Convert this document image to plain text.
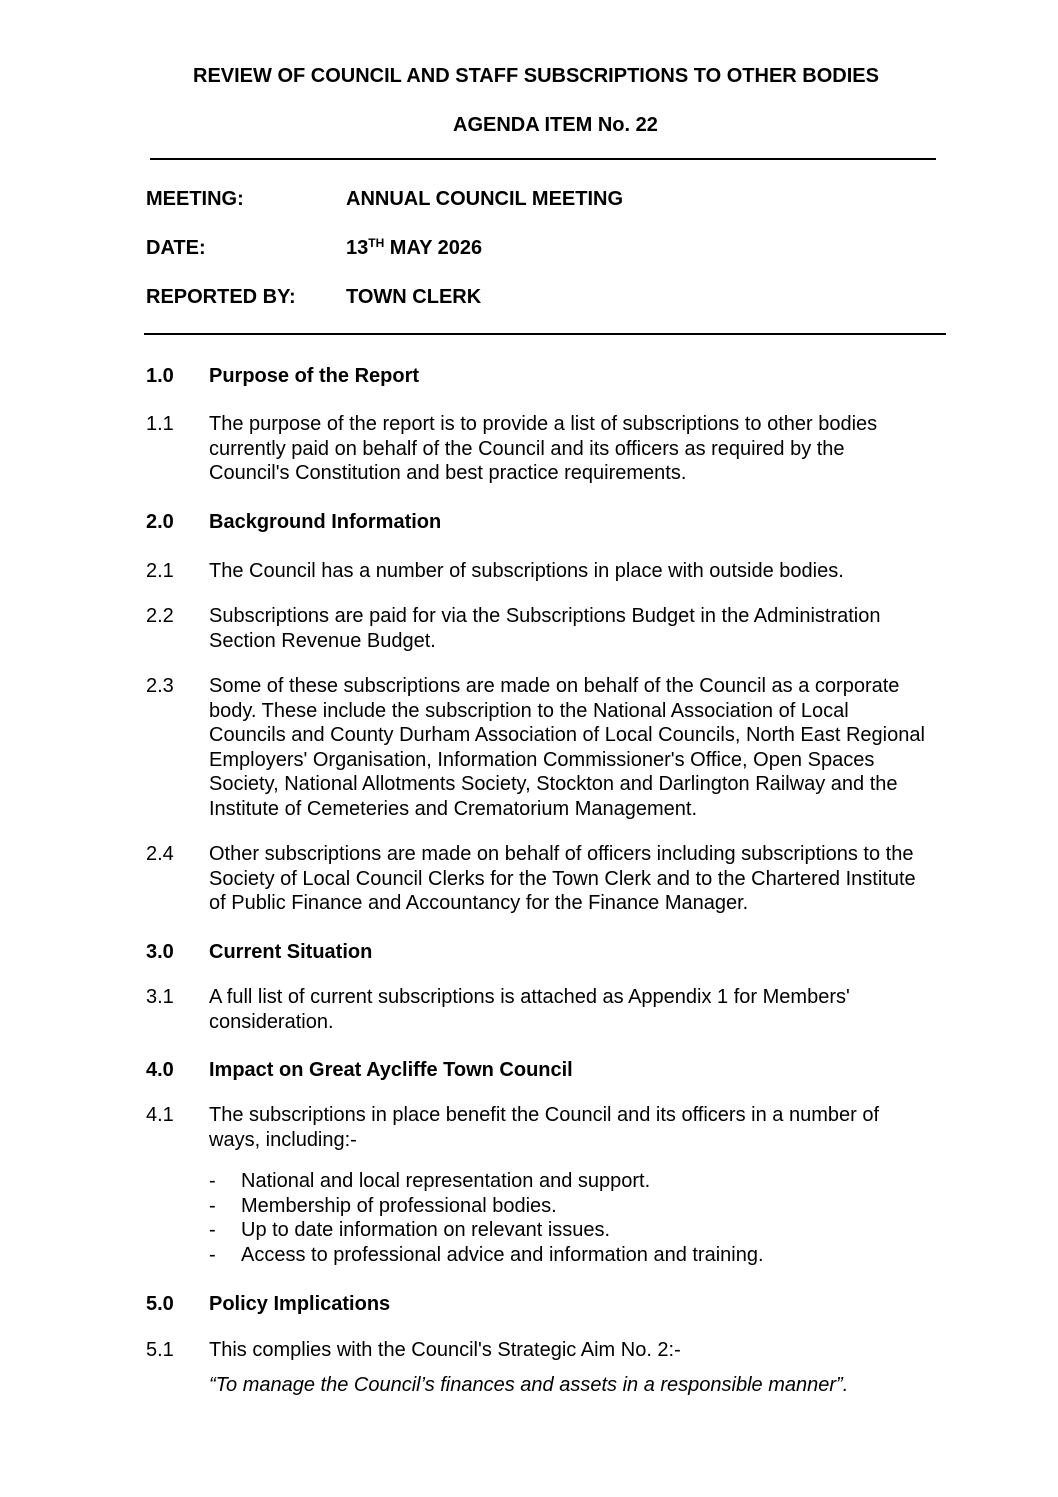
REVIEW OF COUNCIL AND STAFF SUBSCRIPTIONS TO OTHER BODIES
AGENDA ITEM No. 22
MEETING:	ANNUAL COUNCIL MEETING
DATE:	13TH MAY 2026
REPORTED BY:	TOWN CLERK
1.0 Purpose of the Report
1.1 The purpose of the report is to provide a list of subscriptions to other bodies
currently paid on behalf of the Council and its officers as required by the
Council's Constitution and best practice requirements.
2.0 Background Information
2.1 The Council has a number of subscriptions in place with outside bodies.
2.2 Subscriptions are paid for via the Subscriptions Budget in the Administration
Section Revenue Budget.
2.3 Some of these subscriptions are made on behalf of the Council as a corporate
body. These include the subscription to the National Association of Local
Councils and County Durham Association of Local Councils, North East Regional
Employers' Organisation, Information Commissioner's Office, Open Spaces
Society, National Allotments Society, Stockton and Darlington Railway and the
Institute of Cemeteries and Crematorium Management.
2.4 Other subscriptions are made on behalf of officers including subscriptions to the
Society of Local Council Clerks for the Town Clerk and to the Chartered Institute
of Public Finance and Accountancy for the Finance Manager.
3.0 Current Situation
3.1 A full list of current subscriptions is attached as Appendix 1 for Members'
consideration.
4.0 Impact on Great Aycliffe Town Council
4.1 The subscriptions in place benefit the Council and its officers in a number of
ways, including:-
- National and local representation and support.
- Membership of professional bodies.
- Up to date information on relevant issues.
- Access to professional advice and information and training.
5.0 Policy Implications
5.1 This complies with the Council's Strategic Aim No. 2:-
“To manage the Council’s finances and assets in a responsible manner”.
